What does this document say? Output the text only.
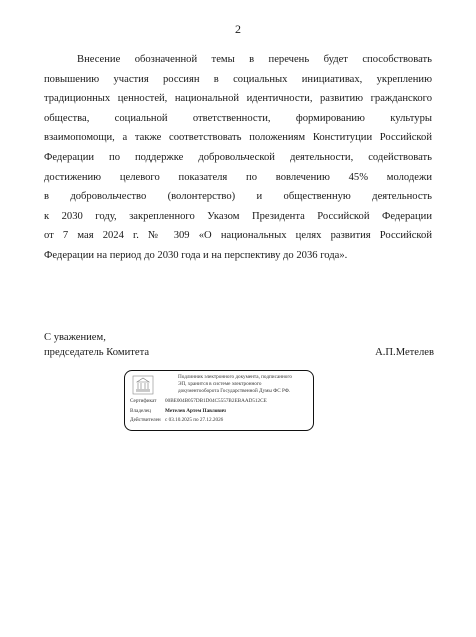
2
Внесение обозначенной темы в перечень будет способствовать
повышению участия россиян в социальных инициативах, укреплению
традиционных ценностей, национальной идентичности, развитию гражданского
общества, социальной ответственности, формированию культуры
взаимопомощи, а также соответствовать положениям Конституции Российской
Федерации по поддержке добровольческой деятельности, содействовать
достижению целевого показателя по вовлечению 45% молодежи
в добровольчество (волонтерство) и общественную деятельность
к 2030 году, закрепленного Указом Президента Российской Федерации
от 7 мая 2024 г. № 309 «О национальных целях развития Российской
Федерации на период до 2030 года и на перспективу до 2036 года».
С уважением,
председатель Комитета	А.П.Метелев
Подлинник электронного документа, подписанного
ЭП, хранится в системе электронного
документооборота Государственной Думы ФС РФ.
Сертификат 00BE004B057DB1D04C5557B2EBAAD512CE
Владелец	Метелев Артем Павлович
Действителен с 03.10.2025 по 27.12.2026
